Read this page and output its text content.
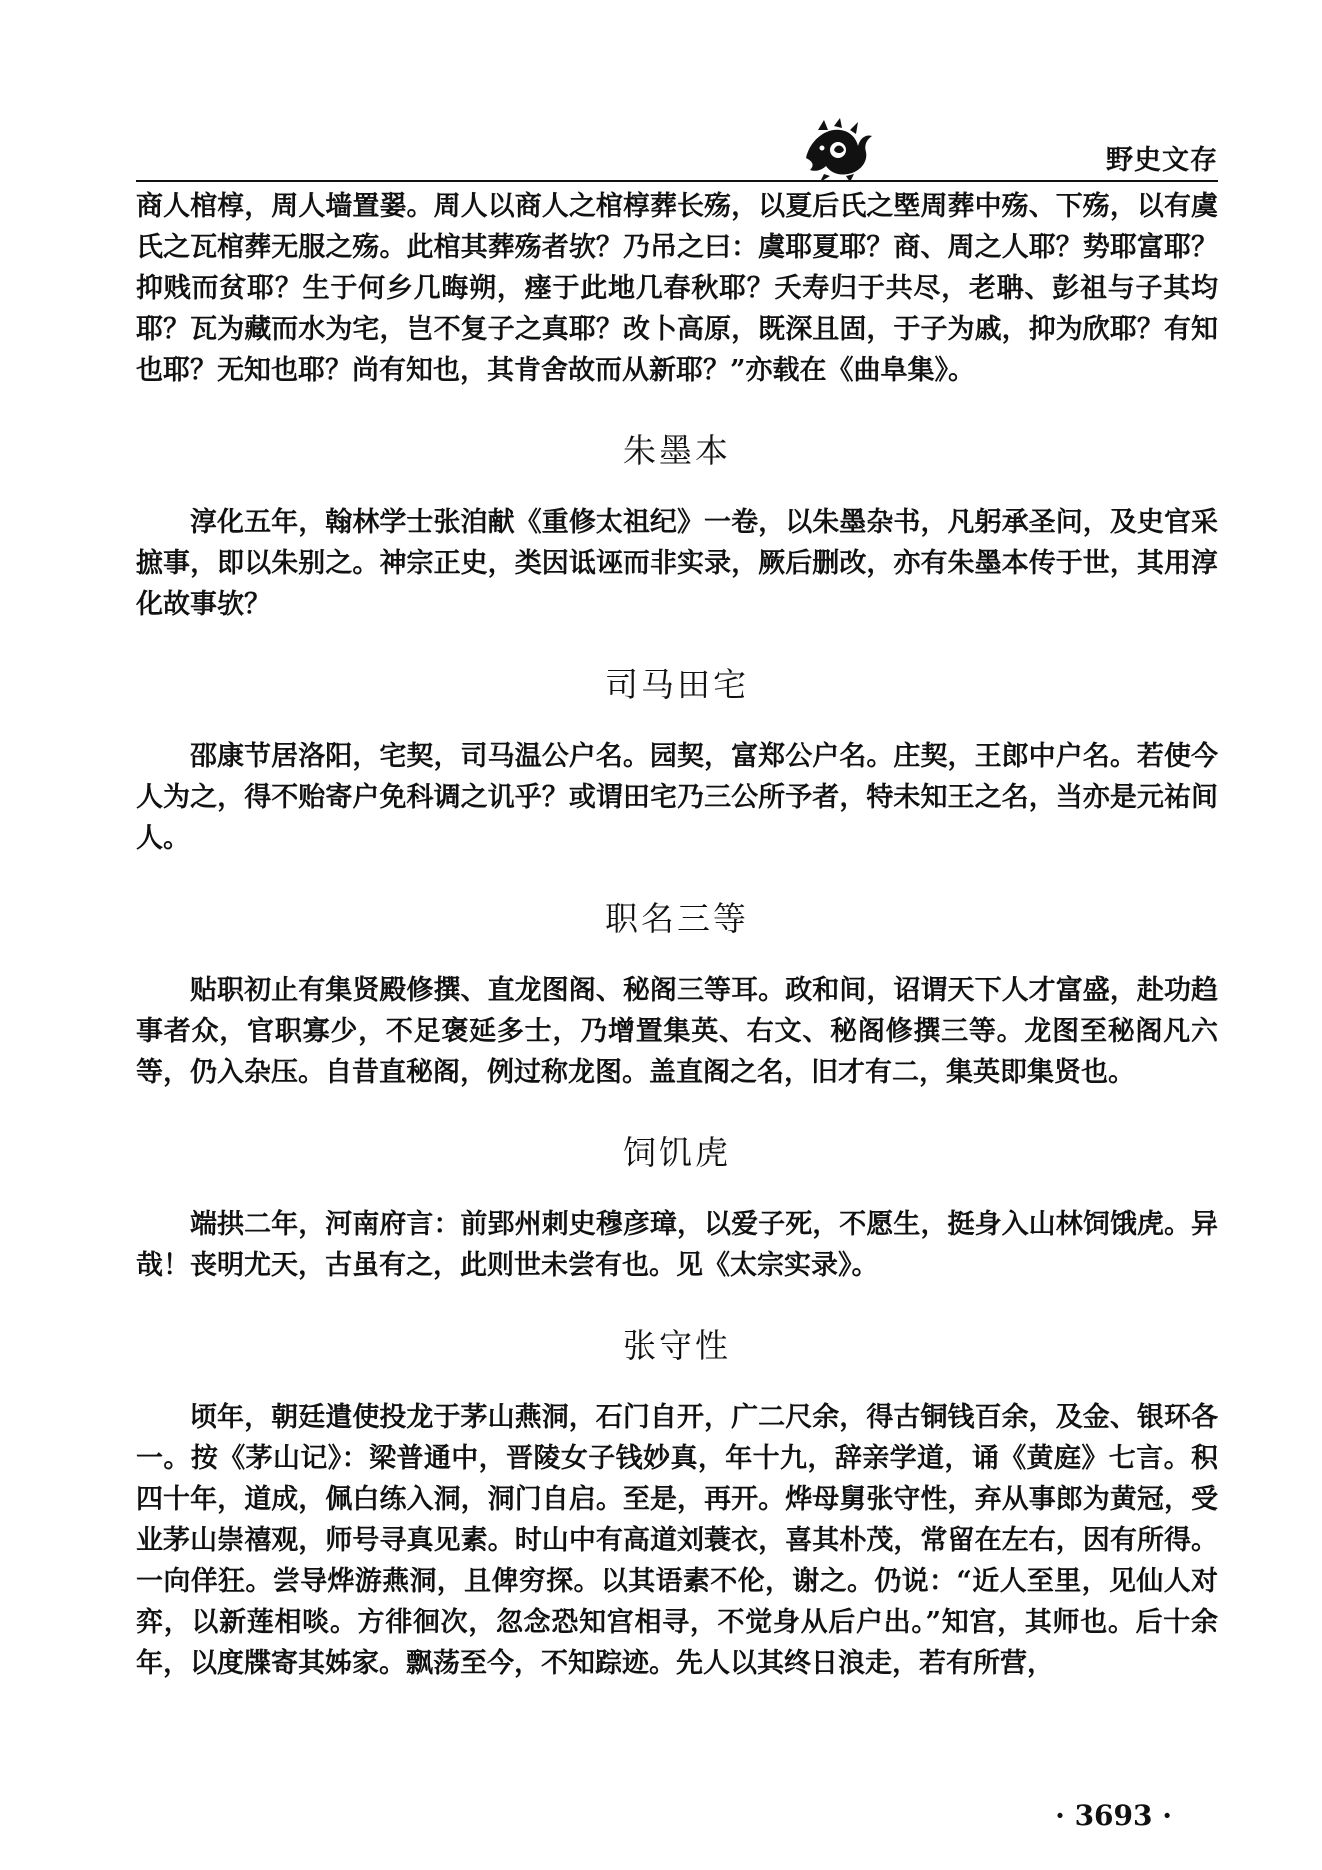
野史文存

商人棺椁，周人墙置翣。周人以商人之棺椁葬长殇，以夏后氏之塈周葬中殇、下殇，以有虞氏之瓦棺葬无服之殇。此棺其葬殇者欤？乃吊之曰：虞耶夏耶？商、周之人耶？势耶富耶？抑贱而贫耶？生于何乡几晦朔，瘗于此地几春秋耶？夭寿归于共尽，老聃、彭祖与子其均耶？瓦为藏而水为宅，岂不复子之真耶？改卜高原，既深且固，于子为戚，抑为欣耶？有知也耶？无知也耶？尚有知也，其肯舍故而从新耶？”亦载在《曲阜集》。

朱墨本

淳化五年，翰林学士张洎献《重修太祖纪》一卷，以朱墨杂书，凡躬承圣问，及史官采摭事，即以朱别之。神宗正史，类因诋诬而非实录，厥后删改，亦有朱墨本传于世，其用淳化故事欤？

司马田宅

邵康节居洛阳，宅契，司马温公户名。园契，富郑公户名。庄契，王郎中户名。若使今人为之，得不贻寄户免科调之讥乎？或谓田宅乃三公所予者，特未知王之名，当亦是元祐间人。

职名三等

贴职初止有集贤殿修撰、直龙图阁、秘阁三等耳。政和间，诏谓天下人才富盛，赴功趋事者众，官职寡少，不足褒延多士，乃增置集英、右文、秘阁修撰三等。龙图至秘阁凡六等，仍入杂压。自昔直秘阁，例过称龙图。盖直阁之名，旧才有二，集英即集贤也。

饲饥虎

端拱二年，河南府言：前郢州刺史穆彦璋，以爱子死，不愿生，挺身入山林饲饿虎。异哉！丧明尤天，古虽有之，此则世未尝有也。见《太宗实录》。

张守性

顷年，朝廷遣使投龙于茅山燕洞，石门自开，广二尺余，得古铜钱百余，及金、银环各一。按《茅山记》：梁普通中，晋陵女子钱妙真，年十九，辞亲学道，诵《黄庭》七言。积四十年，道成，佩白练入洞，洞门自启。至是，再开。烨母舅张守性，弃从事郎为黄冠，受业茅山崇禧观，师号寻真见素。时山中有高道刘蓑衣，喜其朴茂，常留在左右，因有所得。一向佯狂。尝导烨游燕洞，且俾穷探。以其语素不伦，谢之。仍说：“近人至里，见仙人对弈，以新莲相啖。方徘徊次，忽念恐知宫相寻，不觉身从后户出。”知宫，其师也。后十余年，以度牒寄其姊家。飘荡至今，不知踪迹。先人以其终日浪走，若有所营，

· 3693 ·
